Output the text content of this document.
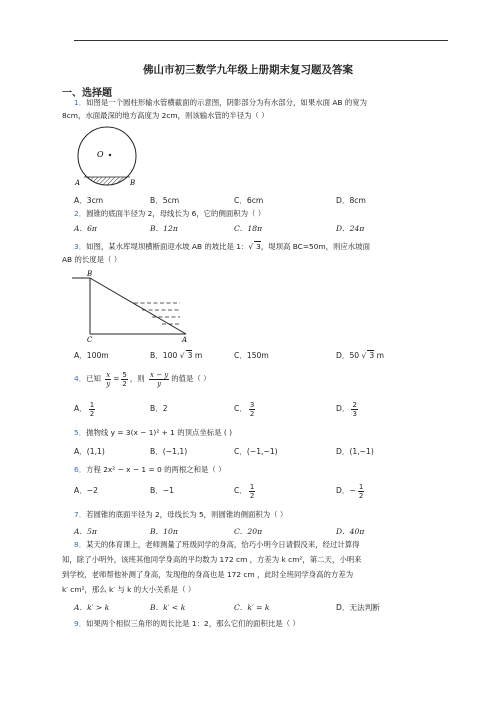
佛山市初三数学九年级上册期末复习题及答案
一、选择题
1．如图是一个圆柱形输水管横截面的示意图，阴影部分为有水部分，如果水面 AB 的宽为
8cm，水面最深的地方高度为 2cm，则该输水管的半径为（ ）
O
A	B
A．3cm	B．5cm	C．6cm	D．8cm
2．圆锥的底面半径为 2，母线长为 6，它的侧面积为（ ）
A．6π	B．12π	C．18π	D．24π
3．如图，某水库堤坝横断面迎水坡 AB 的坡比是 1：√ 3，堤坝高 BC=50m，则应水坡面
AB 的长度是（ ）
B
C	A
A．100m	B．100 √ 3 m	C．150m	D．50 √ 3 m
4．已知 $\frac{x}{y} = \frac{5}{2}$ ，则 $\frac{x - y}{y}$ 的值是（ ）
A． $\frac{1}{2}$	B．2	C． $\frac{3}{2}$	D． $\frac{2}{3}$
5．抛物线 y = 3(x − 1)² + 1 的顶点坐标是 ( )
A．(1,1)	B．(−1,1)	C．(−1,−1)	D．(1,−1)
6．方程 2x² − x − 1 = 0 的两根之和是（ ）
A．−2	B．−1	C． $\frac{1}{2}$	D．− $\frac{1}{2}$
7．若圆锥的底面半径为 2，母线长为 5，则圆锥的侧面积为（ ）
A．5π	B．10π	C．20π	D．40π
8．某天的体育课上，老师测量了班级同学的身高，恰巧小明今日请假没来，经过计算得
知，除了小明外，该班其他同学身高的平均数为 172 cm ，方差为 k cm²，第二天，小明来
到学校，老师帮他补测了身高，发现他的身高也是 172 cm ，此时全班同学身高的方差为
k′ cm²，那么 k′ 与 k 的大小关系是（ ）
A．k′ > k	B．k′ < k	C．k′ = k	D．无法判断
9．如果两个相似三角形的周长比是 1：2，那么它们的面积比是（ ）
